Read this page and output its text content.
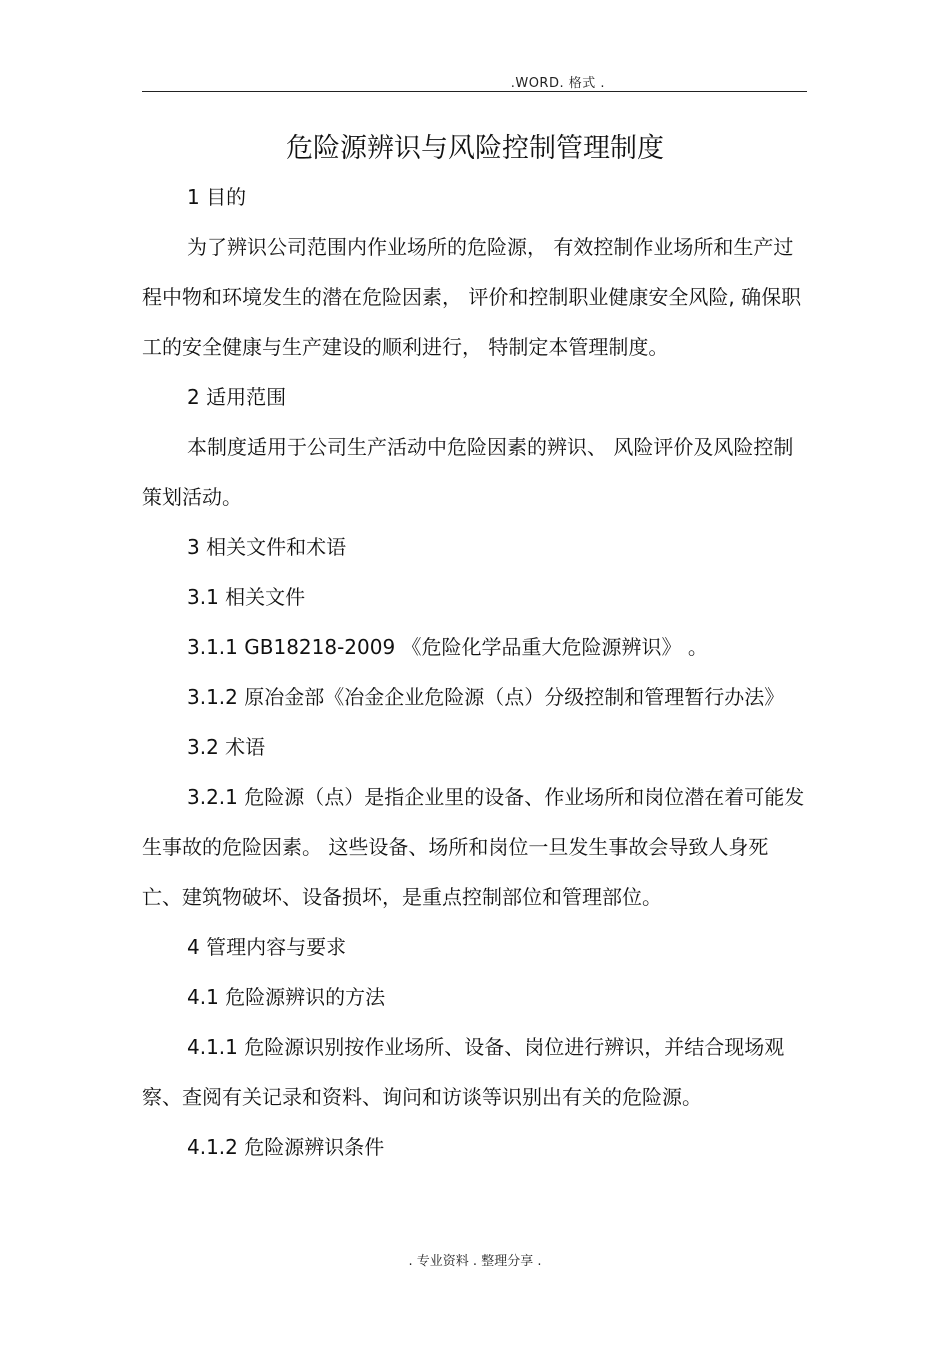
.WORD. 格式 .
危险源辨识与风险控制管理制度

1 目的

为了辨识公司范围内作业场所的危险源， 有效控制作业场所和生产过程中物和环境发生的潜在危险因素， 评价和控制职业健康安全风险, 确保职工的安全健康与生产建设的顺利进行， 特制定本管理制度。

2 适用范围

本制度适用于公司生产活动中危险因素的辨识、 风险评价及风险控制策划活动。

3 相关文件和术语

3.1 相关文件

3.1.1 GB18218-2009 《危险化学品重大危险源辨识》 。

3.1.2 原冶金部《冶金企业危险源（点）分级控制和管理暂行办法》

3.2 术语

3.2.1 危险源（点）是指企业里的设备、作业场所和岗位潜在着可能发生事故的危险因素。 这些设备、场所和岗位一旦发生事故会导致人身死亡、建筑物破坏、设备损坏，是重点控制部位和管理部位。

4 管理内容与要求

4.1 危险源辨识的方法

4.1.1 危险源识别按作业场所、设备、岗位进行辨识，并结合现场观察、查阅有关记录和资料、询问和访谈等识别出有关的危险源。

4.1.2 危险源辨识条件

. 专业资料 . 整理分享 .
